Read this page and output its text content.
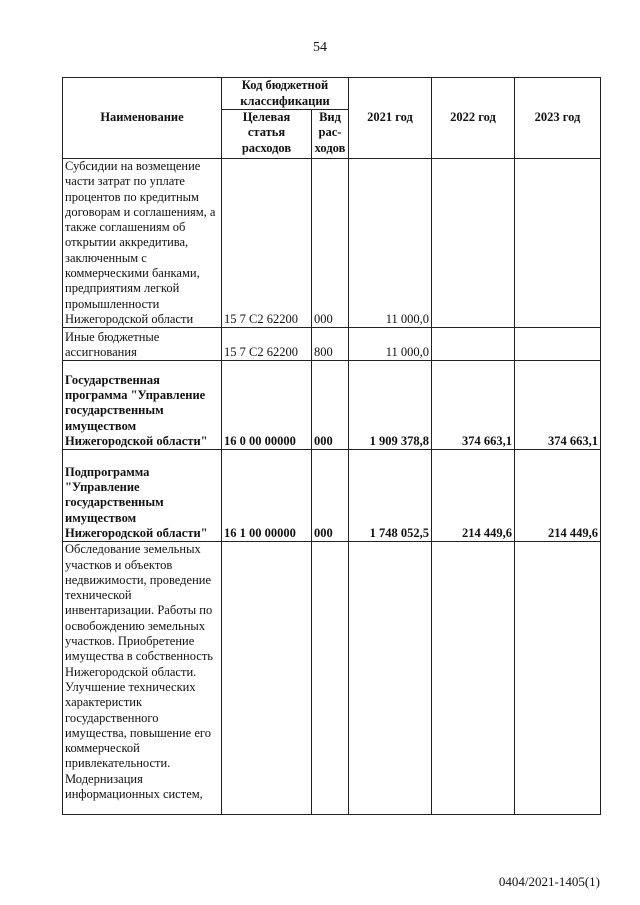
54
Наименование	Код бюджетной классификации		2021 год	2022 год	2023 год
	Целевая статья расходов	Вид рас-ходов			
Субсидии на возмещение части затрат по уплате процентов по кредитным договорам и соглашениям, а также соглашениям об открытии аккредитива, заключенным с коммерческими банками, предприятиям легкой промышленности Нижегородской области	15 7 С2 62200	000	11 000,0		
Иные бюджетные ассигнования	15 7 С2 62200	800	11 000,0		
Государственная программа "Управление государственным имуществом Нижегородской области"	16 0 00 00000	000	1 909 378,8	374 663,1	374 663,1
Подпрограмма "Управление государственным имуществом Нижегородской области"	16 1 00 00000	000	1 748 052,5	214 449,6	214 449,6
Обследование земельных участков и объектов недвижимости, проведение технической инвентаризации. Работы по освобождению земельных участков. Приобретение имущества в собственность Нижегородской области. Улучшение технических характеристик государственного имущества, повышение его коммерческой привлекательности. Модернизация информационных систем,					
0404/2021-1405(1)
